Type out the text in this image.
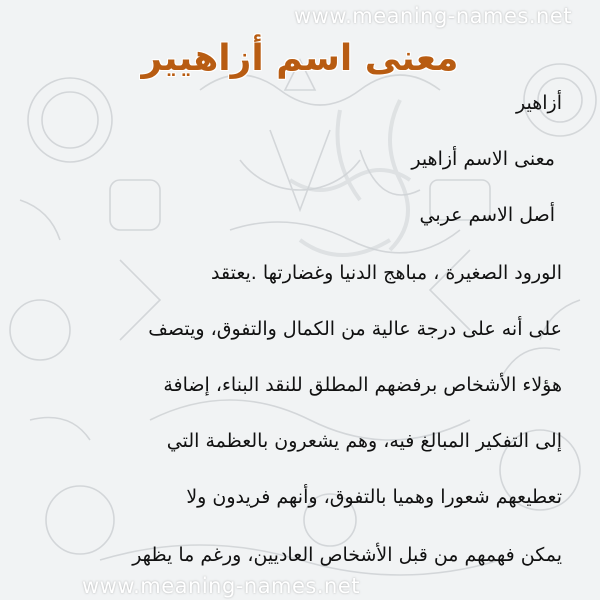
www.meaning-names.net
معنى اسم أزاهيير
أزاهير
معنى الاسم أزاهير
أصل الاسم عربي
الورود الصغيرة ، مباهج الدنيا وغضارتها .يعتقد
على أنه على درجة عالية من الكمال والتفوق، ويتصف
هؤلاء الأشخاص برفضهم المطلق للنقد البناء، إضافة
إلى التفكير المبالغ فيه، وهم يشعرون بالعظمة التي
تعطيعهم شعورا وهميا بالتفوق، وأنهم فريدون ولا
يمكن فهمهم من قبل الأشخاص العاديين، ورغم ما يظهر
www.meaning-names.net
